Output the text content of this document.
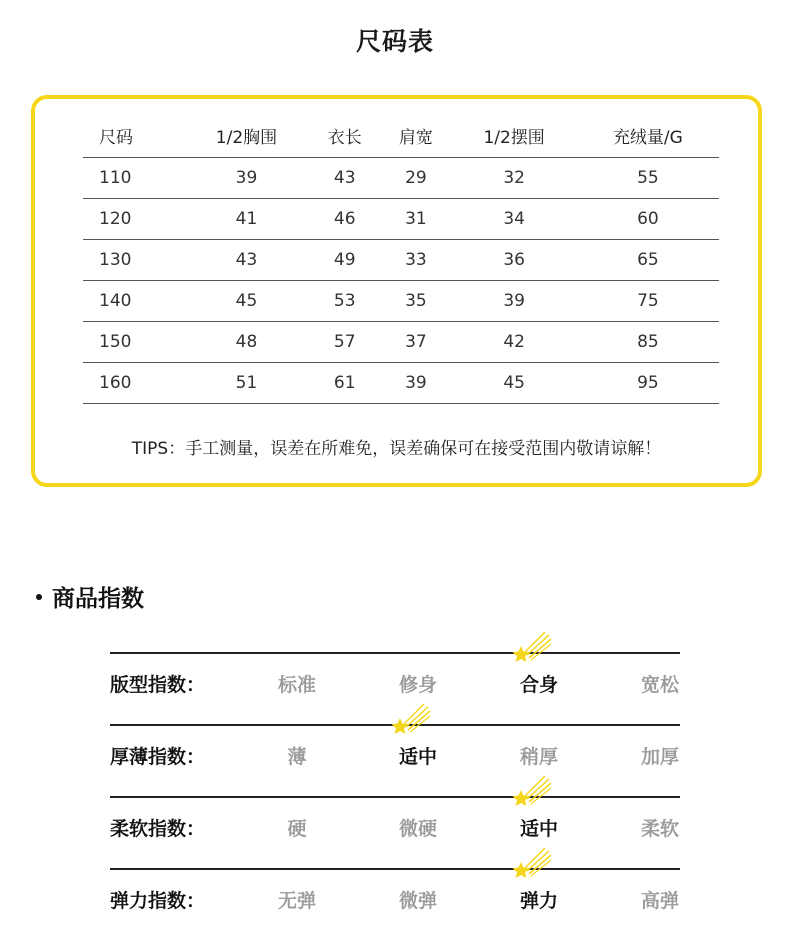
尺码表
尺码	1/2胸围	衣长	肩宽	1/2摆围	充绒量/G
110	39	43	29	32	55
120	41	46	31	34	60
130	43	49	33	36	65
140	45	53	35	39	75
150	48	57	37	42	85
160	51	61	39	45	95
TIPS：手工测量，误差在所难免，误差确保可在接受范围内敬请谅解！
商品指数
版型指数：	标准	修身	合身	宽松
厚薄指数：	薄	适中	稍厚	加厚
柔软指数：	硬	微硬	适中	柔软
弹力指数：	无弹	微弹	弹力	高弹
